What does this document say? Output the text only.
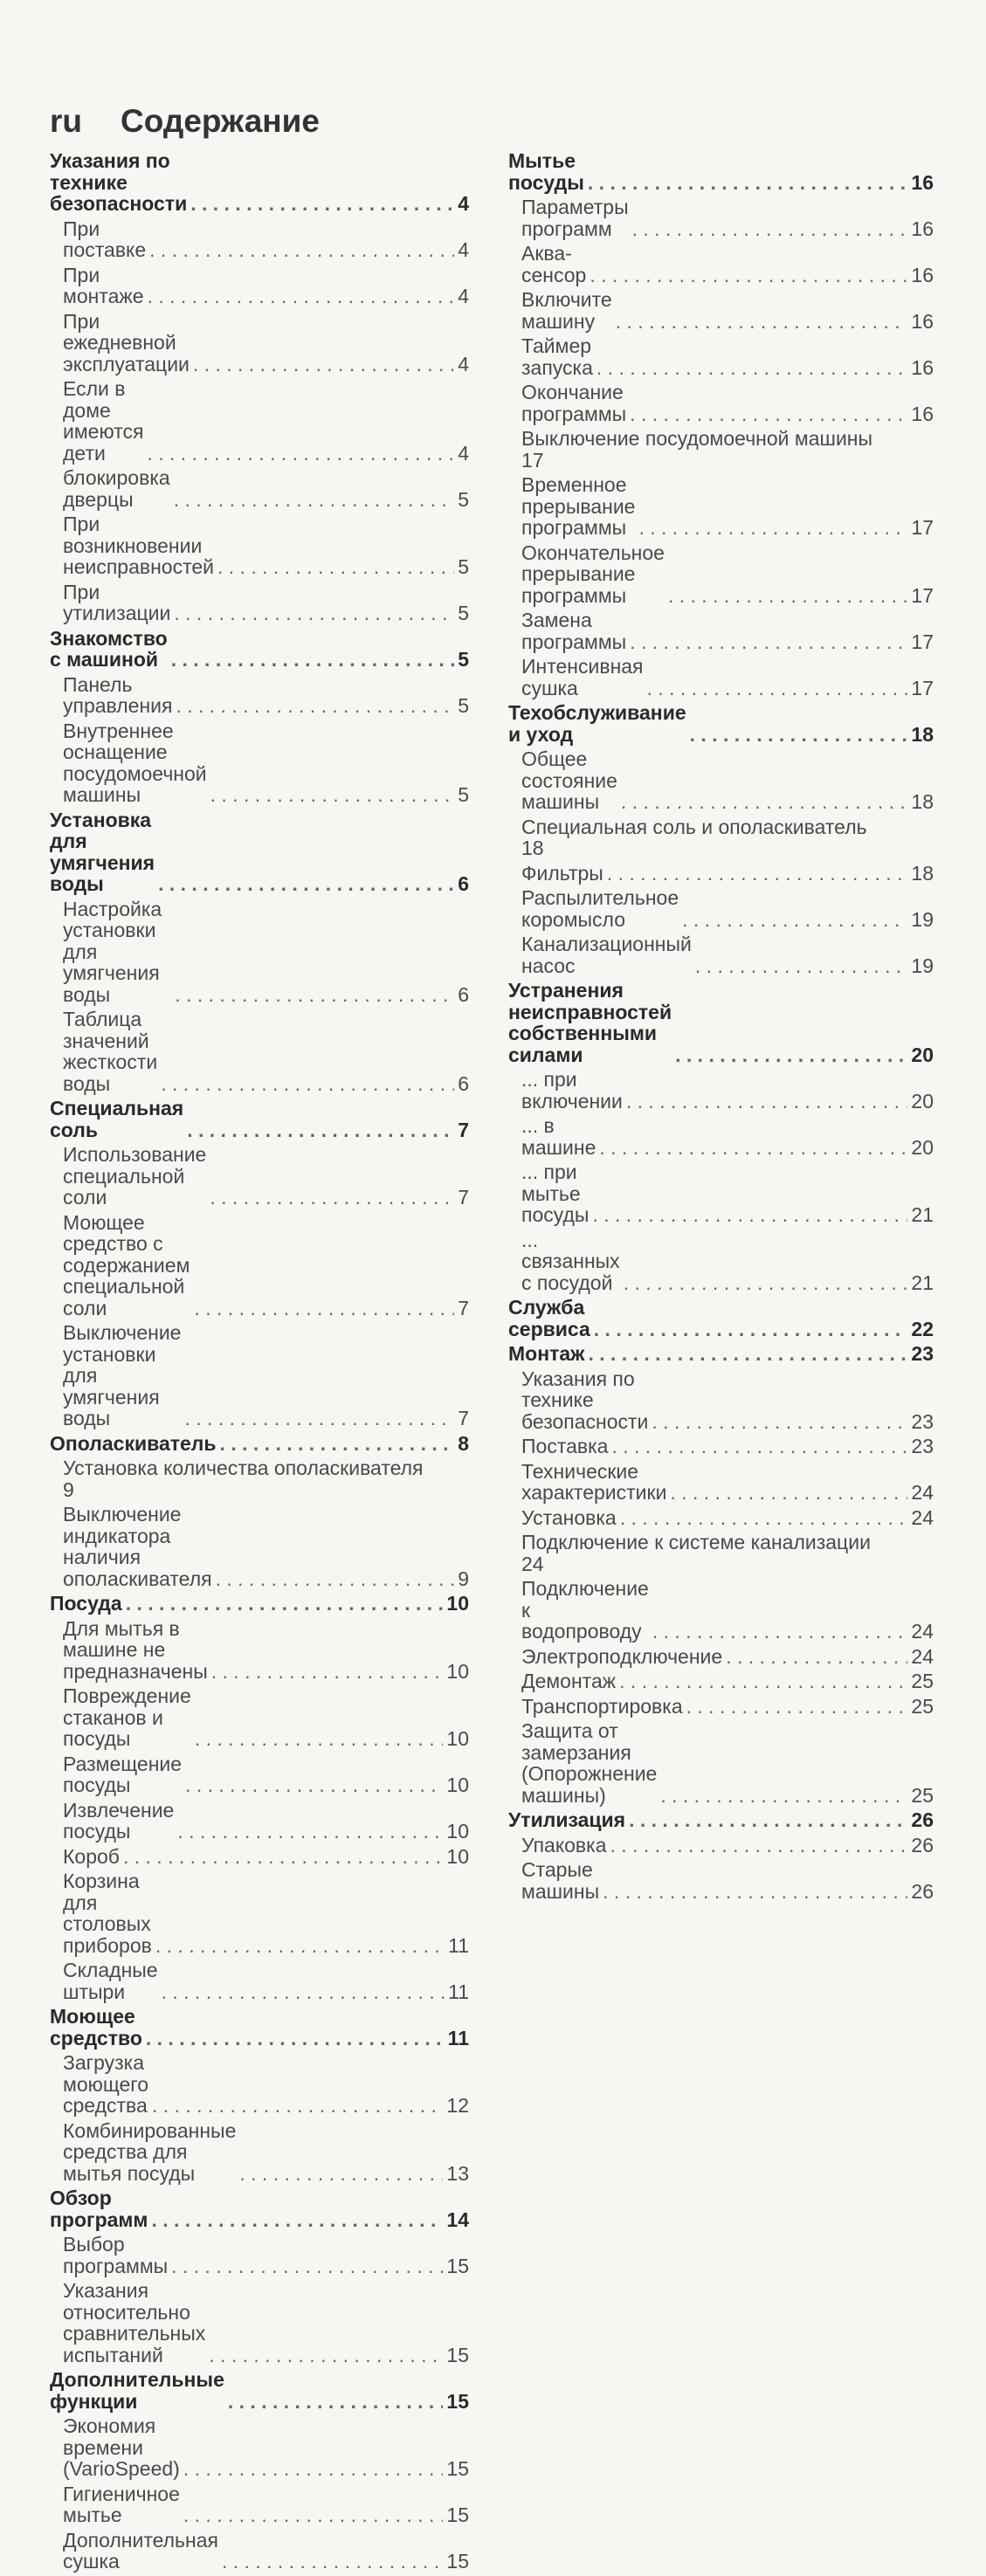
ru Содержание
Указания по технике безопасности . . .	4
При поставке . . .	4
При монтаже . . .	4
При ежедневной эксплуатации . . .	4
Если в доме имеются дети . . .	4
блокировка дверцы . . .	5
При возникновении неисправностей . . .	5
При утилизации . . .	5
Знакомство с машиной . . .	5
Панель управления . . .	5
Внутреннее оснащение посудомоечной машины . . .	5
Установка для умягчения воды . . .	6
Настройка установки для умягчения воды . . .	6
Таблица значений жесткости воды . . .	6
Специальная соль . . .	7
Использование специальной соли . . .	7
Моющее средство с содержанием специальной соли . . .	7
Выключение установки для умягчения воды . . .	7
Ополаскиватель . . .	8
Установка количества ополаскивателя
9
Выключение индикатора наличия ополаскивателя . . .	9
Посуда . . .	10
Для мытья в машине не предназначены . . .	10
Повреждение стаканов и посуды . . .	10
Размещение посуды . . .	10
Извлечение посуды . . .	10
Короб . . .	10
Корзина для столовых приборов . . .	11
Складные штыри . . .	11
Моющее средство . . .	11
Загрузка моющего средства . . .	12
Комбинированные средства для мытья посуды . . .	13
Обзор программ . . .	14
Выбор программы . . .	15
Указания относительно сравнительных испытаний . . .	15
Дополнительные функции . . .	15
Экономия времени (VarioSpeed) . . .	15
Гигиеничное мытье . . .	15
Дополнительная сушка . . .	15
Мытье посуды . . .	16
Параметры программ . . .	16
Аква-сенсор . . .	16
Включите машину . . .	16
Таймер запуска . . .	16
Окончание программы . . .	16
Выключение посудомоечной машины
17
Временное прерывание программы . . .	17
Окончательное прерывание программы . . .	17
Замена программы . . .	17
Интенсивная сушка . . .	17
Техобслуживание и уход . . .	18
Общее состояние машины . . .	18
Специальная соль и ополаскиватель
18
Фильтры . . .	18
Распылительное коромысло . . .	19
Канализационный насос . . .	19
Устранения неисправностей собственными силами . . .	20
... при включении . . .	20
... в машине . . .	20
... при мытье посуды . . .	21
... связанных с посудой . . .	21
Служба сервиса . . .	22
Монтаж . . .	23
Указания по технике безопасности . . .	23
Поставка . . .	23
Технические характеристики . . .	24
Установка . . .	24
Подключение к системе канализации
24
Подключение к водопроводу . . .	24
Электроподключение . . .	24
Демонтаж . . .	25
Транспортировка . . .	25
Защита от замерзания (Опорожнение машины) . . .	25
Утилизация . . .	26
Упаковка . . .	26
Старые машины . . .	26
